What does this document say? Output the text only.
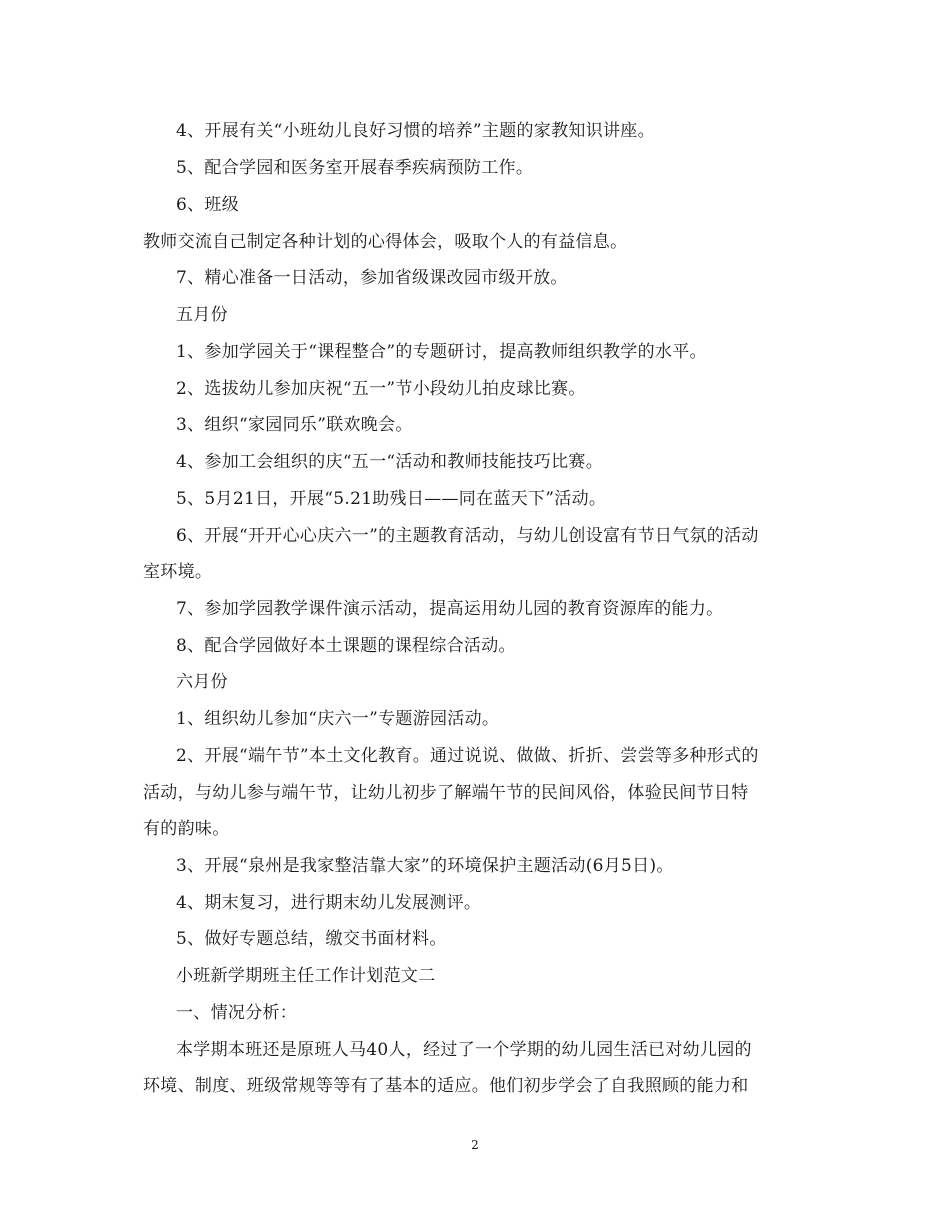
4、开展有关“小班幼儿良好习惯的培养”主题的家教知识讲座。
5、配合学园和医务室开展春季疾病预防工作。
6、班级
教师交流自己制定各种计划的心得体会，吸取个人的有益信息。
7、精心准备一日活动，参加省级课改园市级开放。
五月份
1、参加学园关于“课程整合”的专题研讨，提高教师组织教学的水平。
2、选拔幼儿参加庆祝“五一”节小段幼儿拍皮球比赛。
3、组织“家园同乐”联欢晚会。
4、参加工会组织的庆“五一“活动和教师技能技巧比赛。
5、5月21日，开展“5.21助残日——同在蓝天下”活动。
6、开展“开开心心庆六一”的主题教育活动，与幼儿创设富有节日气氛的活动
室环境。
7、参加学园教学课件演示活动，提高运用幼儿园的教育资源库的能力。
8、配合学园做好本土课题的课程综合活动。
六月份
1、组织幼儿参加“庆六一”专题游园活动。
2、开展“端午节”本土文化教育。通过说说、做做、折折、尝尝等多种形式的
活动，与幼儿参与端午节，让幼儿初步了解端午节的民间风俗，体验民间节日特
有的韵味。
3、开展“泉州是我家整洁靠大家”的环境保护主题活动(6月5日)。
4、期末复习，进行期末幼儿发展测评。
5、做好专题总结，缴交书面材料。
小班新学期班主任工作计划范文二
一、情况分析：
本学期本班还是原班人马40人，经过了一个学期的幼儿园生活已对幼儿园的
环境、制度、班级常规等等有了基本的适应。他们初步学会了自我照顾的能力和
2
